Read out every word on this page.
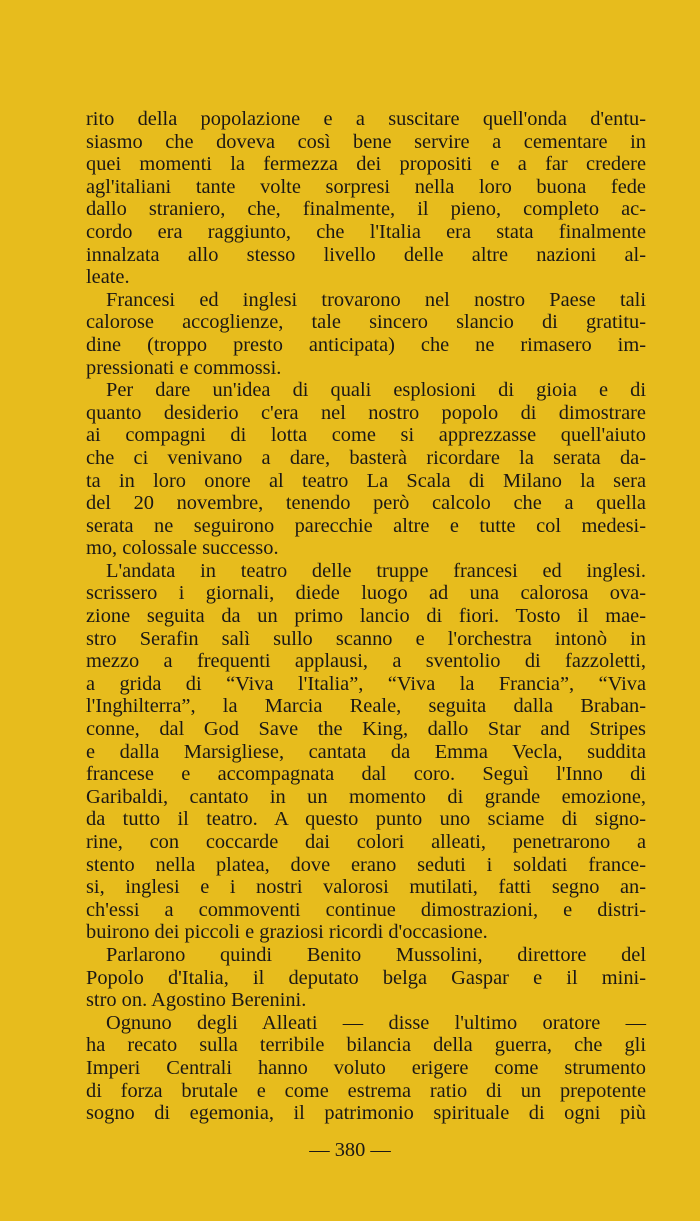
rito della popolazione e a suscitare quell'onda d'entu-
siasmo che doveva così bene servire a cementare in
quei momenti la fermezza dei propositi e a far credere
agl'italiani tante volte sorpresi nella loro buona fede
dallo straniero, che, finalmente, il pieno, completo ac-
cordo era raggiunto, che l'Italia era stata finalmente
innalzata allo stesso livello delle altre nazioni al-
leate.
Francesi ed inglesi trovarono nel nostro Paese tali
calorose accoglienze, tale sincero slancio di gratitu-
dine (troppo presto anticipata) che ne rimasero im-
pressionati e commossi.
Per dare un'idea di quali esplosioni di gioia e di
quanto desiderio c'era nel nostro popolo di dimostrare
ai compagni di lotta come si apprezzasse quell'aiuto
che ci venivano a dare, basterà ricordare la serata da-
ta in loro onore al teatro La Scala di Milano la sera
del 20 novembre, tenendo però calcolo che a quella
serata ne seguirono parecchie altre e tutte col medesi-
mo, colossale successo.
L'andata in teatro delle truppe francesi ed inglesi.
scrissero i giornali, diede luogo ad una calorosa ova-
zione seguita da un primo lancio di fiori. Tosto il mae-
stro Serafin salì sullo scanno e l'orchestra intonò in
mezzo a frequenti applausi, a sventolio di fazzoletti,
a grida di “Viva l'Italia”, “Viva la Francia”, “Viva
l'Inghilterra”, la Marcia Reale, seguita dalla Braban-
conne, dal God Save the King, dallo Star and Stripes
e dalla Marsigliese, cantata da Emma Vecla, suddita
francese e accompagnata dal coro. Seguì l'Inno di
Garibaldi, cantato in un momento di grande emozione,
da tutto il teatro. A questo punto uno sciame di signo-
rine, con coccarde dai colori alleati, penetrarono a
stento nella platea, dove erano seduti i soldati france-
si, inglesi e i nostri valorosi mutilati, fatti segno an-
ch'essi a commoventi continue dimostrazioni, e distri-
buirono dei piccoli e graziosi ricordi d'occasione.
Parlarono quindi Benito Mussolini, direttore del
Popolo d'Italia, il deputato belga Gaspar e il mini-
stro on. Agostino Berenini.
Ognuno degli Alleati — disse l'ultimo oratore —
ha recato sulla terribile bilancia della guerra, che gli
Imperi Centrali hanno voluto erigere come strumento
di forza brutale e come estrema ratio di un prepotente
sogno di egemonia, il patrimonio spirituale di ogni più
— 380 —
